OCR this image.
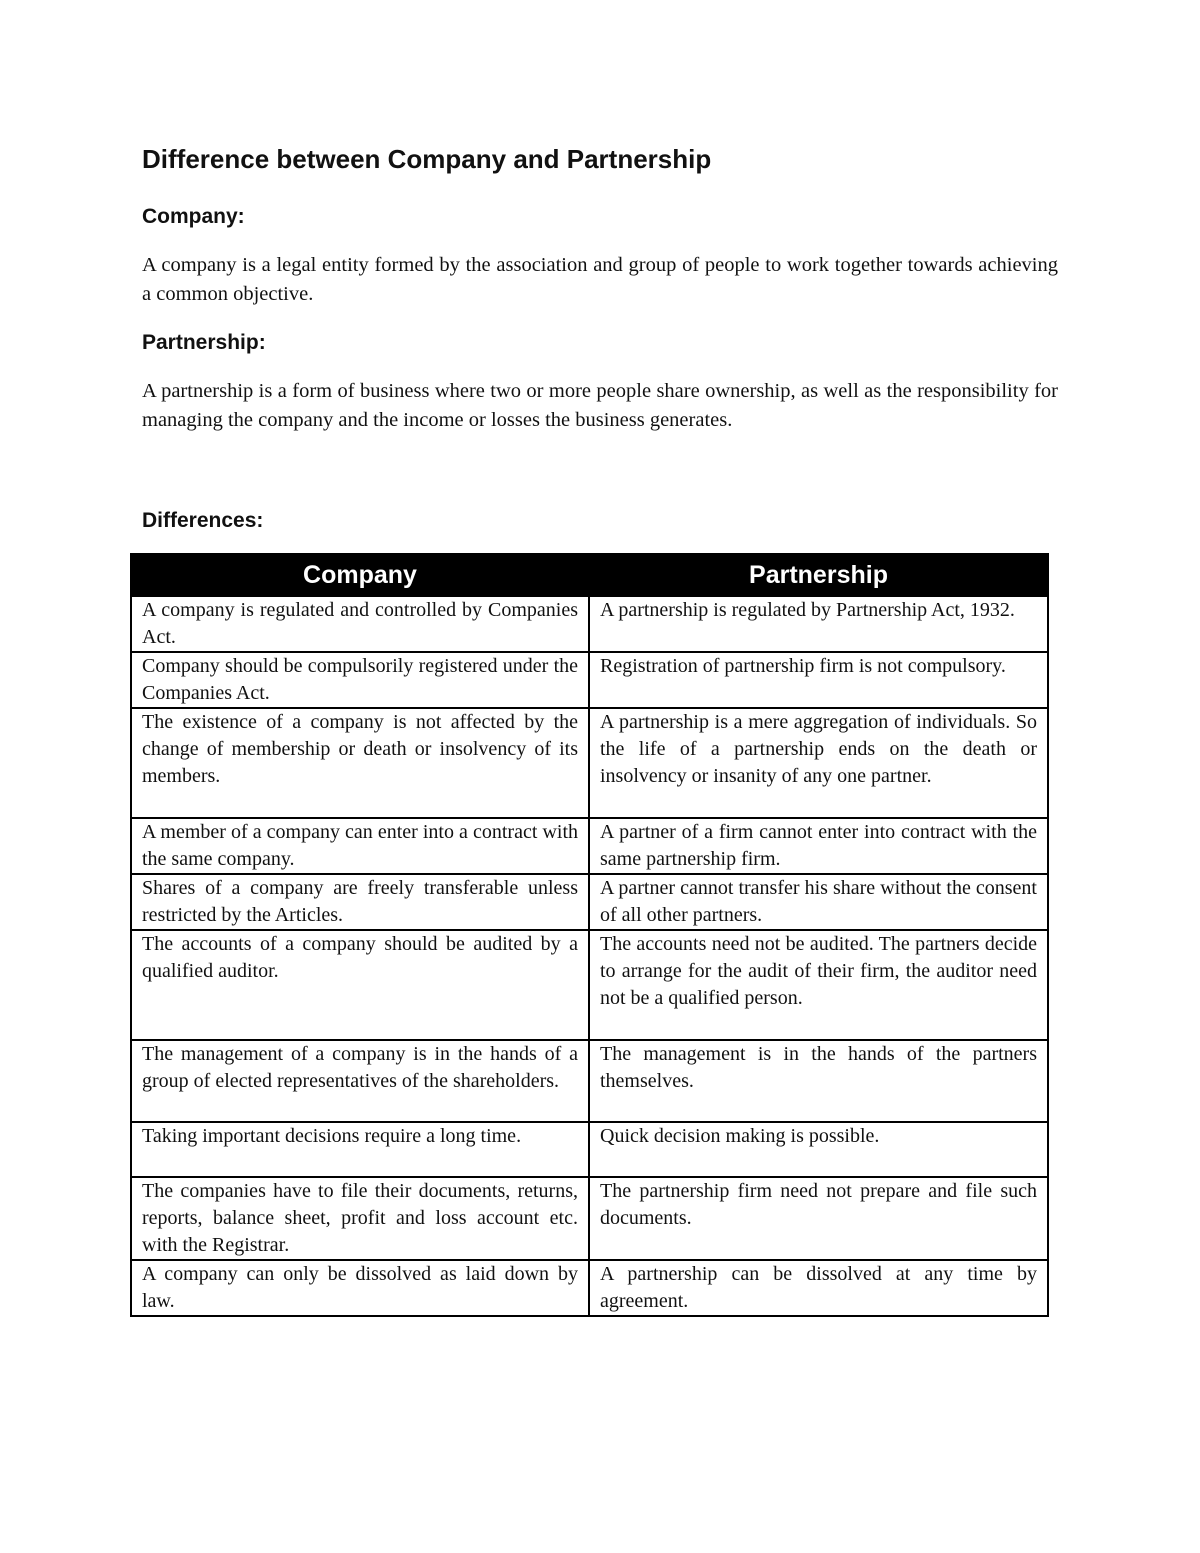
Difference between Company and Partnership
Company:

A company is a legal entity formed by the association and group of people to work together towards achieving a common objective.

Partnership:

A partnership is a form of business where two or more people share ownership, as well as the responsibility for managing the company and the income or losses the business generates.

Differences:
Company	Partnership
A company is regulated and controlled by Companies Act.	A partnership is regulated by Partnership Act, 1932.
Company should be compulsorily registered under the Companies Act.	Registration of partnership firm is not compulsory.
The existence of a company is not affected by the change of membership or death or insolvency of its members.	A partnership is a mere aggregation of individuals. So the life of a partnership ends on the death or insolvency or insanity of any one partner.
A member of a company can enter into a contract with the same company.	A partner of a firm cannot enter into contract with the same partnership firm.
Shares of a company are freely transferable unless restricted by the Articles.	A partner cannot transfer his share without the consent of all other partners.
The accounts of a company should be audited by a qualified auditor.	The accounts need not be audited. The partners decide to arrange for the audit of their firm, the auditor need not be a qualified person.
The management of a company is in the hands of a group of elected representatives of the shareholders.	The management is in the hands of the partners themselves.
Taking important decisions require a long time.	Quick decision making is possible.
The companies have to file their documents, returns, reports, balance sheet, profit and loss account etc. with the Registrar.	The partnership firm need not prepare and file such documents.
A company can only be dissolved as laid down by law.	A partnership can be dissolved at any time by agreement.
